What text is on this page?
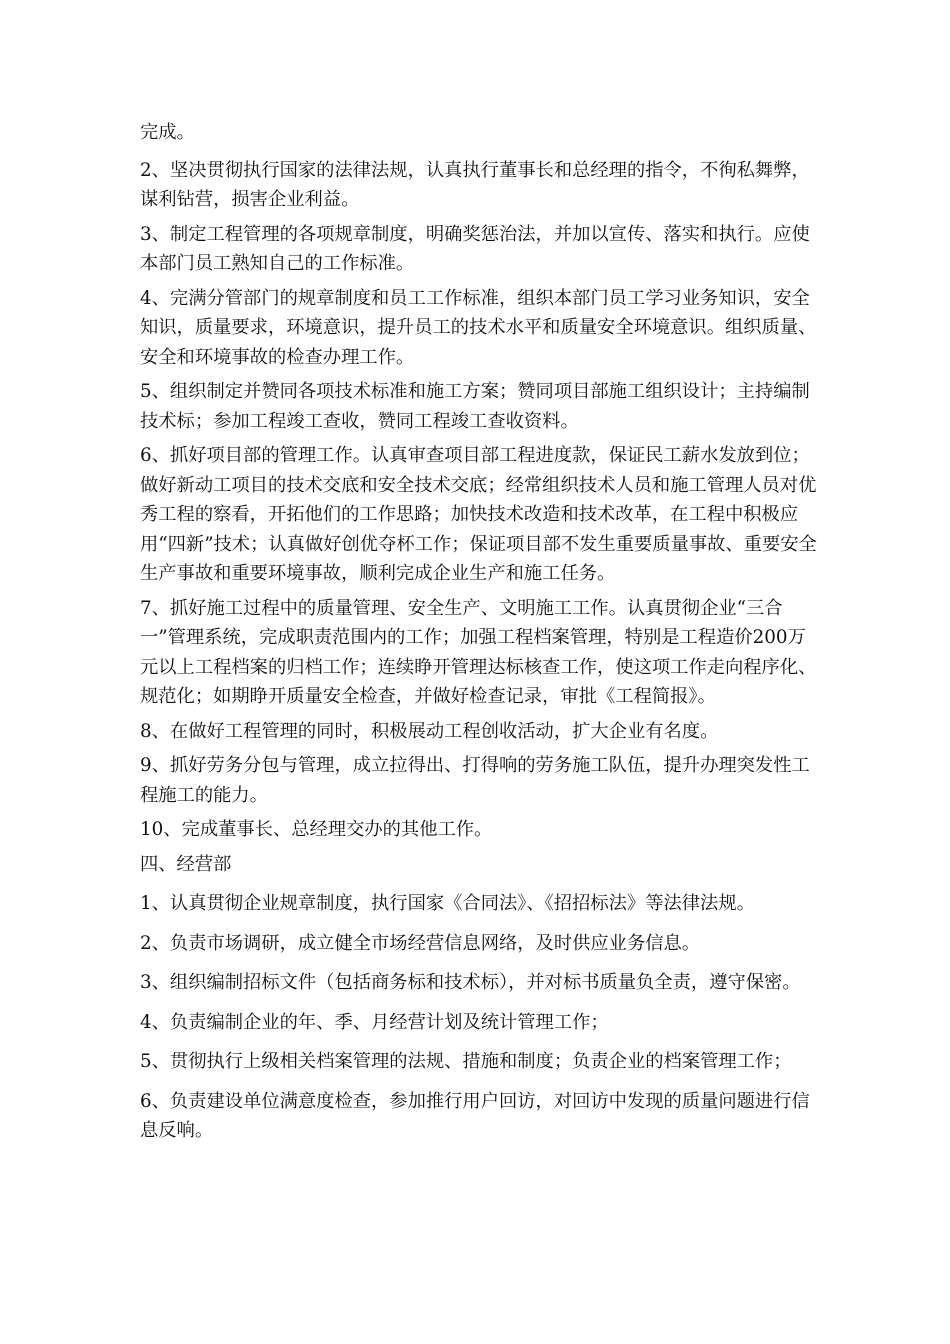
完成。

2、坚决贯彻执行国家的法律法规，认真执行董事长和总经理的指令，不徇私舞弊，谋利钻营，损害企业利益。

3、制定工程管理的各项规章制度，明确奖惩治法，并加以宣传、落实和执行。应使本部门员工熟知自己的工作标准。

4、完满分管部门的规章制度和员工工作标准，组织本部门员工学习业务知识，安全知识，质量要求，环境意识，提升员工的技术水平和质量安全环境意识。组织质量、安全和环境事故的检查办理工作。

5、组织制定并赞同各项技术标准和施工方案；赞同项目部施工组织设计；主持编制技术标；参加工程竣工查收，赞同工程竣工查收资料。

6、抓好项目部的管理工作。认真审查项目部工程进度款，保证民工薪水发放到位；做好新动工项目的技术交底和安全技术交底；经常组织技术人员和施工管理人员对优秀工程的察看，开拓他们的工作思路；加快技术改造和技术改革，在工程中积极应用“四新”技术；认真做好创优夺杯工作；保证项目部不发生重要质量事故、重要安全生产事故和重要环境事故，顺利完成企业生产和施工任务。

7、抓好施工过程中的质量管理、安全生产、文明施工工作。认真贯彻企业“三合一”管理系统，完成职责范围内的工作；加强工程档案管理，特别是工程造价200万元以上工程档案的归档工作；连续睁开管理达标核查工作，使这项工作走向程序化、规范化；如期睁开质量安全检查，并做好检查记录，审批《工程简报》。

8、在做好工程管理的同时，积极展动工程创收活动，扩大企业有名度。

9、抓好劳务分包与管理，成立拉得出、打得响的劳务施工队伍，提升办理突发性工程施工的能力。

10、完成董事长、总经理交办的其他工作。

四、经营部

1、认真贯彻企业规章制度，执行国家《合同法》、《招招标法》等法律法规。

2、负责市场调研，成立健全市场经营信息网络，及时供应业务信息。

3、组织编制招标文件（包括商务标和技术标），并对标书质量负全责，遵守保密。

4、负责编制企业的年、季、月经营计划及统计管理工作；

5、贯彻执行上级相关档案管理的法规、措施和制度；负责企业的档案管理工作；

6、负责建设单位满意度检查，参加推行用户回访，对回访中发现的质量问题进行信息反响。
